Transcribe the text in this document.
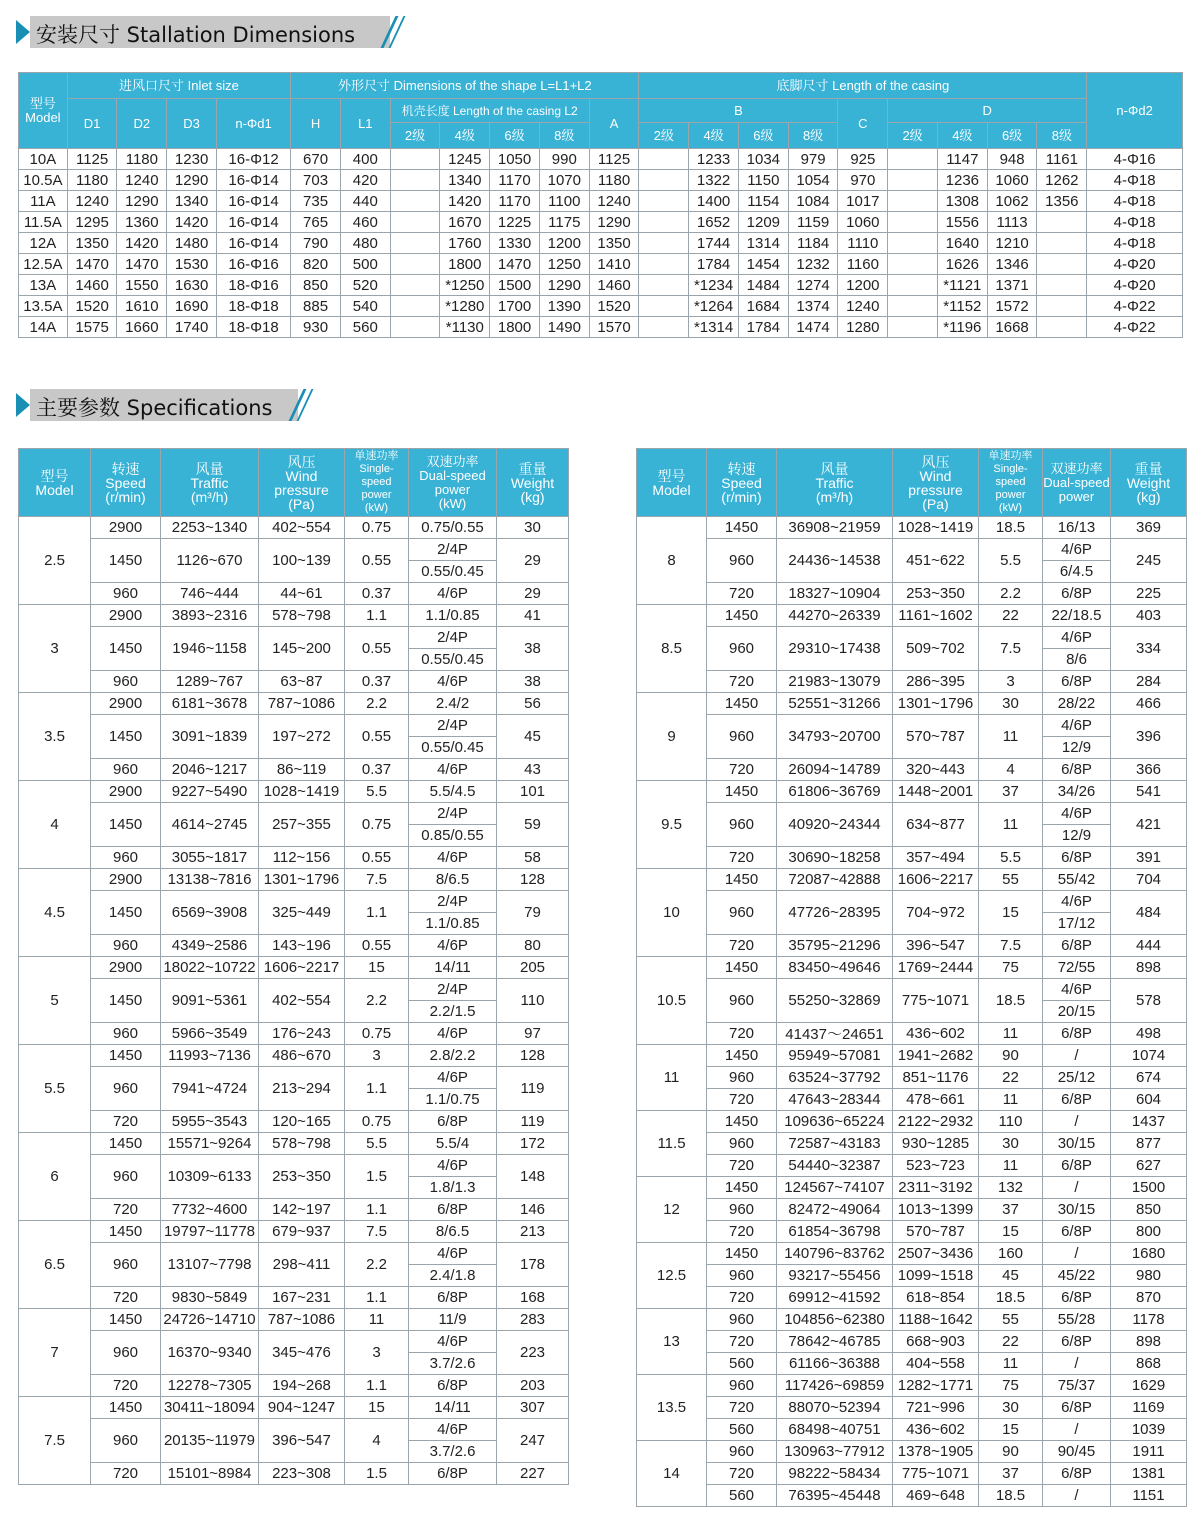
安装尺寸 Stallation Dimensions
型号
Model	进风口尺寸 Inlet size				外形尺寸 Dimensions of the shape L=L1+L2							底脚尺寸 Length of the casing									n-Φd2
	D1	D2	D3	n-Φd1	H	L1	机壳长度 Length of the casing L2				A	B				C	D				
							2级	4级	6级	8级		2级	4级	6级	8级		2级	4级	6级	8级	
10A	1125	1180	1230	16-Φ12	670	400		1245	1050	990	1125		1233	1034	979	925		1147	948	1161	4-Φ16
10.5A	1180	1240	1290	16-Φ14	703	420		1340	1170	1070	1180		1322	1150	1054	970		1236	1060	1262	4-Φ18
11A	1240	1290	1340	16-Φ14	735	440		1420	1170	1100	1240		1400	1154	1084	1017		1308	1062	1356	4-Φ18
11.5A	1295	1360	1420	16-Φ14	765	460		1670	1225	1175	1290		1652	1209	1159	1060		1556	1113		4-Φ18
12A	1350	1420	1480	16-Φ14	790	480		1760	1330	1200	1350		1744	1314	1184	1110		1640	1210		4-Φ18
12.5A	1470	1470	1530	16-Φ16	820	500		1800	1470	1250	1410		1784	1454	1232	1160		1626	1346		4-Φ20
13A	1460	1550	1630	18-Φ16	850	520		*1250	1500	1290	1460		*1234	1484	1274	1200		*1121	1371		4-Φ20
13.5A	1520	1610	1690	18-Φ18	885	540		*1280	1700	1390	1520		*1264	1684	1374	1240		*1152	1572		4-Φ22
14A	1575	1660	1740	18-Φ18	930	560		*1130	1800	1490	1570		*1314	1784	1474	1280		*1196	1668		4-Φ22
主要参数 Specifications
型号
Model	转速
Speed
(r/min)	风量
Traffic
(m³/h)	风压
Wind
pressure
(Pa)	单速功率
Single-speed
power
(kW)	双速功率
Dual-speed
power
(kW)	重量
Weight
(kg)
2.5	2900	2253~1340	402~554	0.75	0.75/0.55	30
	1450	1126~670	100~139	0.55	2/4P	29
					0.55/0.45	
	960	746~444	44~61	0.37	4/6P	29
3	2900	3893~2316	578~798	1.1	1.1/0.85	41
	1450	1946~1158	145~200	0.55	2/4P	38
					0.55/0.45	
	960	1289~767	63~87	0.37	4/6P	38
3.5	2900	6181~3678	787~1086	2.2	2.4/2	56
	1450	3091~1839	197~272	0.55	2/4P	45
					0.55/0.45	
	960	2046~1217	86~119	0.37	4/6P	43
4	2900	9227~5490	1028~1419	5.5	5.5/4.5	101
	1450	4614~2745	257~355	0.75	2/4P	59
					0.85/0.55	
	960	3055~1817	112~156	0.55	4/6P	58
4.5	2900	13138~7816	1301~1796	7.5	8/6.5	128
	1450	6569~3908	325~449	1.1	2/4P	79
					1.1/0.85	
	960	4349~2586	143~196	0.55	4/6P	80
5	2900	18022~10722	1606~2217	15	14/11	205
	1450	9091~5361	402~554	2.2	2/4P	110
					2.2/1.5	
	960	5966~3549	176~243	0.75	4/6P	97
5.5	1450	11993~7136	486~670	3	2.8/2.2	128
	960	7941~4724	213~294	1.1	4/6P	119
					1.1/0.75	
	720	5955~3543	120~165	0.75	6/8P	119
6	1450	15571~9264	578~798	5.5	5.5/4	172
	960	10309~6133	253~350	1.5	4/6P	148
					1.8/1.3	
	720	7732~4600	142~197	1.1	6/8P	146
6.5	1450	19797~11778	679~937	7.5	8/6.5	213
	960	13107~7798	298~411	2.2	4/6P	178
					2.4/1.8	
	720	9830~5849	167~231	1.1	6/8P	168
7	1450	24726~14710	787~1086	11	11/9	283
	960	16370~9340	345~476	3	4/6P	223
					3.7/2.6	
	720	12278~7305	194~268	1.1	6/8P	203
7.5	1450	30411~18094	904~1247	15	14/11	307
	960	20135~11979	396~547	4	4/6P	247
					3.7/2.6	
	720	15101~8984	223~308	1.5	6/8P	227
型号
Model	转速
Speed
(r/min)	风量
Traffic
(m³/h)	风压
Wind
pressure
(Pa)	单速功率
Single-speed
power
(kW)	双速功率
Dual-speed
power	重量
Weight
(kg)
8	1450	36908~21959	1028~1419	18.5	16/13	369
	960	24436~14538	451~622	5.5	4/6P	245
					6/4.5	
	720	18327~10904	253~350	2.2	6/8P	225
8.5	1450	44270~26339	1161~1602	22	22/18.5	403
	960	29310~17438	509~702	7.5	4/6P	334
					8/6	
	720	21983~13079	286~395	3	6/8P	284
9	1450	52551~31266	1301~1796	30	28/22	466
	960	34793~20700	570~787	11	4/6P	396
					12/9	
	720	26094~14789	320~443	4	6/8P	366
9.5	1450	61806~36769	1448~2001	37	34/26	541
	960	40920~24344	634~877	11	4/6P	421
					12/9	
	720	30690~18258	357~494	5.5	6/8P	391
10	1450	72087~42888	1606~2217	55	55/42	704
	960	47726~28395	704~972	15	4/6P	484
					17/12	
	720	35795~21296	396~547	7.5	6/8P	444
10.5	1450	83450~49646	1769~2444	75	72/55	898
	960	55250~32869	775~1071	18.5	4/6P	578
					20/15	
	720	41437～24651	436~602	11	6/8P	498
11	1450	95949~57081	1941~2682	90	/	1074
	960	63524~37792	851~1176	22	25/12	674
	720	47643~28344	478~661	11	6/8P	604
11.5	1450	109636~65224	2122~2932	110	/	1437
	960	72587~43183	930~1285	30	30/15	877
	720	54440~32387	523~723	11	6/8P	627
12	1450	124567~74107	2311~3192	132	/	1500
	960	82472~49064	1013~1399	37	30/15	850
	720	61854~36798	570~787	15	6/8P	800
12.5	1450	140796~83762	2507~3436	160	/	1680
	960	93217~55456	1099~1518	45	45/22	980
	720	69912~41592	618~854	18.5	6/8P	870
13	960	104856~62380	1188~1642	55	55/28	1178
	720	78642~46785	668~903	22	6/8P	898
	560	61166~36388	404~558	11	/	868
13.5	960	117426~69859	1282~1771	75	75/37	1629
	720	88070~52394	721~996	30	6/8P	1169
	560	68498~40751	436~602	15	/	1039
14	960	130963~77912	1378~1905	90	90/45	1911
	720	98222~58434	775~1071	37	6/8P	1381
	560	76395~45448	469~648	18.5	/	1151
